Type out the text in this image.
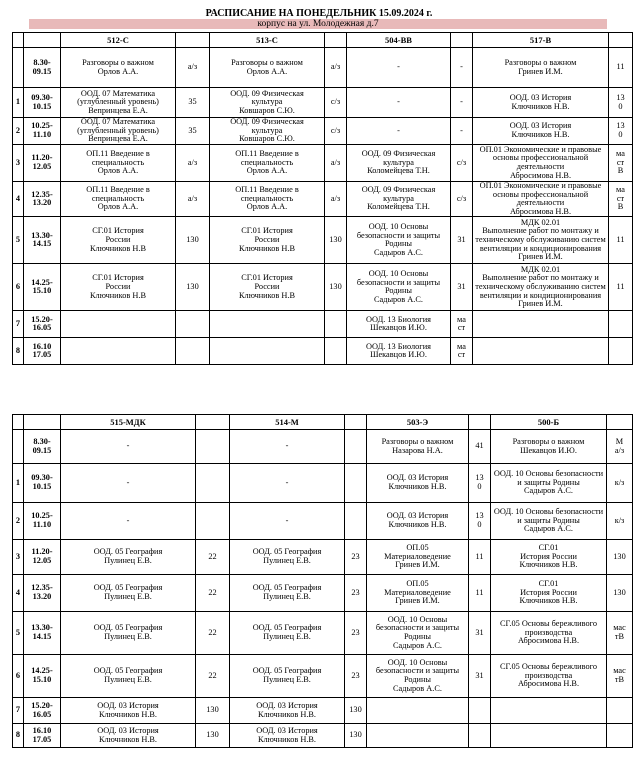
РАСПИСАНИЕ НА ПОНЕДЕЛЬНИК 15.09.2024 г.
корпус на ул. Молодежная д.7
		512-С		513-С		504-ВВ		517-В	
	8.30-
09.15	Разговоры о важном
Орлов А.А.	а/з	Разговоры о важном
Орлов А.А.	а/з	-	-	Разговоры о важном
Гринев И.М.	11
1	09.30-
10.15	ООД. 07 Математика
(углубленный уровень)
Вепринцева Е.А.	35	ООД. 09 Физическая
культура
Ковшаров С.Ю.	с/з	-	-	ООД. 03 История
Ключников Н.В.	13
0
2	10.25-
11.10	ООД. 07 Математика
(углубленный уровень)
Вепринцева Е.А.	35	ООД. 09 Физическая
культура
Ковшаров С.Ю.	с/з	-	-	ООД. 03 История
Ключников Н.В.	13
0
3	11.20-
12.05	ОП.11 Введение в
специальность
Орлов А.А.	а/з	ОП.11 Введение в
специальность
Орлов А.А.	а/з	ООД. 09 Физическая
культура
Коломейцева Т.Н.	с/з	ОП.01 Экономические и правовые
основы профессиональной
деятельности
Абросимова Н.В.	ма
ст
В
4	12.35-
13.20	ОП.11 Введение в
специальность
Орлов А.А.	а/з	ОП.11 Введение в
специальность
Орлов А.А.	а/з	ООД. 09 Физическая
культура
Коломейцева Т.Н.	с/з	ОП.01 Экономические и правовые
основы профессиональной
деятельности
Абросимова Н.В.	ма
ст
В
5	13.30-
14.15	СГ.01 История
России
Ключников Н.В	130	СГ.01 История
России
Ключников Н.В	130	ООД. 10 Основы
безопасности и защиты
Родины
Садыров А.С.	31	МДК 02.01
Выполнение работ по монтажу и
техническому обслуживанию систем
вентиляции и кондиционирования
Гринев И.М.	11
6	14.25-
15.10	СГ.01 История
России
Ключников Н.В	130	СГ.01 История
России
Ключников Н.В	130	ООД. 10 Основы
безопасности и защиты
Родины
Садыров А.С.	31	МДК 02.01
Выполнение работ по монтажу и
техническому обслуживанию систем
вентиляции и кондиционирования
Гринев И.М.	11
7	15.20-
16.05					ООД. 13 Биология
Шекавцов И.Ю.	ма
ст		
8	16.10
17.05					ООД. 13 Биология
Шекавцов И.Ю.	ма
ст		
		515-МДК		514-М		503-Э		500-Б	
	8.30-
09.15	-		-		Разговоры о важном
Назарова Н.А.	41	Разговоры о важном
Шекавцов И.Ю.	М
а/з
1	09.30-
10.15	-		-		ООД. 03 История
Ключников Н.В.	13
0	ООД. 10 Основы безопасности
и защиты Родины
Садыров А.С.	к/з
2	10.25-
11.10	-		-		ООД. 03 История
Ключников Н.В.	13
0	ООД. 10 Основы безопасности
и защиты Родины
Садыров А.С.	к/з
3	11.20-
12.05	ООД. 05 География
Пулинец Е.В.	22	ООД. 05 География
Пулинец Е.В.	23	ОП.05
Материаловедение
Гринев И.М.	11	СГ.01
История России
Ключников Н.В.	130
4	12.35-
13.20	ООД. 05 География
Пулинец Е.В.	22	ООД. 05 География
Пулинец Е.В.	23	ОП.05
Материаловедение
Гринев И.М.	11	СГ.01
История России
Ключников Н.В.	130
5	13.30-
14.15	ООД. 05 География
Пулинец Е.В.	22	ООД. 05 География
Пулинец Е.В.	23	ООД. 10 Основы
безопасности и защиты
Родины
Садыров А.С.	31	СГ.05 Основы бережливого
производства
Абросимова Н.В.	мас
тВ
6	14.25-
15.10	ООД. 05 География
Пулинец Е.В.	22	ООД. 05 География
Пулинец Е.В.	23	ООД. 10 Основы
безопасности и защиты
Родины
Садыров А.С.	31	СГ.05 Основы бережливого
производства
Абросимова Н.В.	мас
тВ
7	15.20-
16.05	ООД. 03 История
Ключников Н.В.	130	ООД. 03 История
Ключников Н.В.	130				
8	16.10
17.05	ООД. 03 История
Ключников Н.В.	130	ООД. 03 История
Ключников Н.В.	130				
